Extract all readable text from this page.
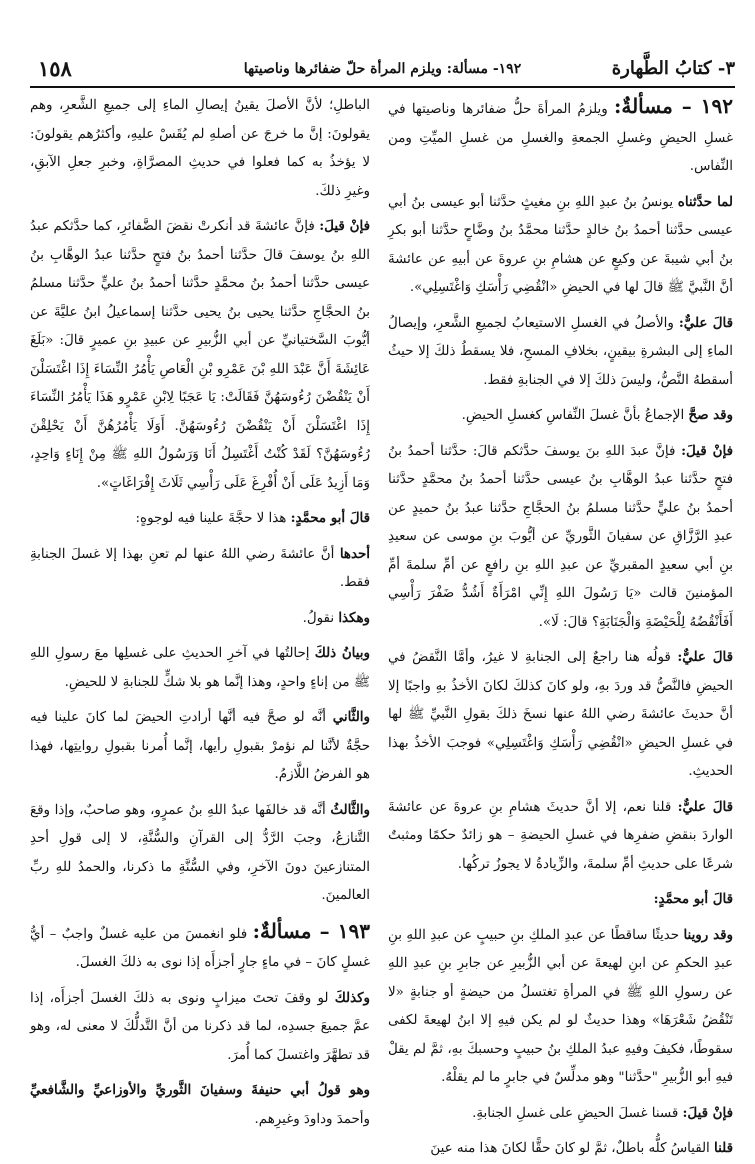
٣- كتابُ الطَّهارة
١٩٢- مسألة: ويلزم المرأة حلّ ضفائرها وناصيتها
١٥٨

١٩٢ – مسألةٌ: ويلزمُ المرأةَ حلُّ ضفائرها وناصيتها في غسلِ الحيضِ وغسلِ الجمعةِ والغسلِ من غسلِ الميِّتِ ومن النِّفاس.

لما حدَّثناه يونسُ بنُ عبدِ اللهِ بنِ مغيثٍ حدَّثنا أبو عيسى بنُ أبي عيسى حدَّثنا أحمدُ بنُ خالدٍ حدَّثنا محمَّدُ بنُ وضَّاحٍ حدَّثنا أبو بكرِ بنُ أبي شيبةَ عن وكيعٍ عن هشامِ بنِ عروةَ عن أبيهِ عن عائشةَ أنَّ النَّبيَّ ﷺ قالَ لها في الحيضِ «انْقُضِي رَأْسَكِ وَاغْتَسِلِي».

قالَ عليٌّ: والأصلُ في الغسلِ الاستيعابُ لجميعِ الشَّعرِ، وإيصالُ الماءِ إلى البشرةِ بيقينٍ، بخلافِ المسحِ، فلا يسقطُ ذلكَ إلا حيثُ أسقطهُ النَّصُّ، وليسَ ذلكَ إلا في الجنابةِ فقط.

وقد صحَّ الإجماعُ بأنَّ غسلَ النِّفاسِ كغسلِ الحيضِ.

فإنْ قيلَ: فإنَّ عبدَ اللهِ بنَ يوسفَ حدَّثكم قالَ: حدَّثنا أحمدُ بنُ فتحٍ حدَّثنا عبدُ الوهَّابِ بنُ عيسى حدَّثنا أحمدُ بنُ محمَّدٍ حدَّثنا أحمدُ بنُ عليٍّ حدَّثنا مسلمُ بنُ الحجَّاجِ حدَّثنا عبدُ بنُ حميدٍ عن عبدِ الرَّزَّاقِ عن سفيانَ الثَّوريِّ عن أيُّوبَ بنِ موسى عن سعيدِ بنِ أبي سعيدٍ المقبريِّ عن عبدِ اللهِ بنِ رافعٍ عن أمِّ سلمةَ أمِّ المؤمنينَ قالت «يَا رَسُولَ اللهِ إِنِّي امْرَأَةٌ أَشُدُّ ضَفْرَ رَأْسِي أَفَأَنْقُضُهُ لِلْحَيْضَةِ وَالْجَنَابَةِ؟ قالَ: لَا».

قالَ عليٌّ: قولُه هنا راجعٌ إلى الجنابةِ لا غيرُ، وأمَّا النَّقضُ في الحيضِ فالنَّصُّ قد وردَ بهِ، ولو كانَ كذلكَ لكانَ الأخذُ بهِ واجبًا إلا أنَّ حديثَ عائشةَ رضي اللهُ عنها نسخَ ذلكَ بقولِ النَّبيِّ ﷺ لها في غسلِ الحيضِ «انْقُضِي رَأْسَكِ وَاغْتَسِلِي» فوجبَ الأخذُ بهذا الحديثِ.

قالَ عليٌّ: قلنا نعم، إلا أنَّ حديثَ هشامِ بنِ عروةَ عن عائشةَ الواردَ بنقضِ ضفرِها في غسلِ الحيضةِ – هو زائدٌ حكمًا ومثبتٌ شرعًا على حديثِ أمِّ سلمةَ، والزِّيادةُ لا يجوزُ تركُها.

قالَ أبو محمَّدٍ:

وقد روينا حديثًا ساقطًا عن عبدِ الملكِ بنِ حبيبٍ عن عبدِ اللهِ بنِ عبدِ الحكمِ عن ابنِ لهيعةَ عن أبي الزُّبيرِ عن جابرِ بنِ عبدِ اللهِ عن رسولِ اللهِ ﷺ في المرأةِ تغتسلُ من حيضةٍ أو جنابةٍ «لا تَنْقُضُ شَعْرَهَا» وهذا حديثٌ لو لم يكن فيهِ إلا ابنُ لهيعةَ لكفى سقوطًا، فكيفَ وفيهِ عبدُ الملكِ بنُ حبيبٍ وحسبكَ بهِ، ثمَّ لم يقلْ فيهِ أبو الزُّبيرِ "حدَّثنا" وهو مدلِّسٌ في جابرٍ ما لم يقلْهُ.

فإنْ قيلَ: قسنا غسلَ الحيضِ على غسلِ الجنابةِ.

قلنا القياسُ كلُّه باطلٌ، ثمَّ لو كانَ حقًّا لكانَ هذا منه عينَ

الباطلِ؛ لأنَّ الأصلَ يقينُ إيصالِ الماءِ إلى جميعِ الشَّعرِ، وهم يقولونَ: إنَّ ما خرجَ عن أصلهِ لم يُقَسْ عليهِ، وأكثرُهم يقولونَ: لا يؤخذُ به كما فعلوا في حديثِ المصرَّاةِ، وخبرِ جعلِ الآبقِ، وغيرِ ذلكَ.

فإنْ قيلَ: فإنَّ عائشةَ قد أنكرتْ نقضَ الضَّفائرِ، كما حدَّثكم عبدُ اللهِ بنُ يوسفَ قالَ حدَّثنا أحمدُ بنُ فتحٍ حدَّثنا عبدُ الوهَّابِ بنُ عيسى حدَّثنا أحمدُ بنُ محمَّدٍ حدَّثنا أحمدُ بنُ عليٍّ حدَّثنا مسلمُ بنُ الحجَّاجِ حدَّثنا يحيى بنُ يحيى حدَّثنا إسماعيلُ ابنُ عليَّةَ عن أيُّوبَ السَّختيانيِّ عن أبي الزُّبيرِ عن عبيدِ بنِ عميرٍ قالَ: «بَلَغَ عَائِشَةَ أَنَّ عَبْدَ اللهِ بْنَ عَمْرِو بْنِ الْعَاصِ يَأْمُرُ النِّسَاءَ إِذَا اغْتَسَلْنَ أَنْ يَنْقُضْنَ رُءُوسَهُنَّ فَقَالَتْ: يَا عَجَبًا لِابْنِ عَمْرٍو هَذَا يَأْمُرُ النِّسَاءَ إِذَا اغْتَسَلْنَ أَنْ يَنْقُضْنَ رُءُوسَهُنَّ. أَوَلَا يَأْمُرُهُنَّ أَنْ يَحْلِقْنَ رُءُوسَهُنَّ؟ لَقَدْ كُنْتُ أَغْتَسِلُ أَنَا وَرَسُولُ اللهِ ﷺ مِنْ إِنَاءٍ وَاحِدٍ، وَمَا أَزِيدُ عَلَى أَنْ أُفْرِغَ عَلَى رَأْسِي ثَلَاثَ إِفْرَاغَاتٍ».

قالَ أبو محمَّدٍ: هذا لا حجَّةَ علينا فيه لوجوهٍ:

أحدها أنَّ عائشةَ رضي اللهُ عنها لم تعنِ بهذا إلا غسلَ الجنابةِ فقط.

وهكذا نقولُ.

وبيانُ ذلكَ إحالتُها في آخرِ الحديثِ على غسلِها معَ رسولِ اللهِ ﷺ من إناءٍ واحدٍ، وهذا إنَّما هو بلا شكٍّ للجنابةِ لا للحيضِ.

والثَّاني أنَّه لو صحَّ فيه أنَّها أرادتِ الحيضَ لما كانَ علينا فيه حجَّةٌ لأنَّنا لم نؤمرْ بقبولِ رأيها، إنَّما أُمرنا بقبولِ روايتِها، فهذا هو الفرضُ اللَّازمُ.

والثَّالثُ أنَّه قد خالفَها عبدُ اللهِ بنُ عمرٍو، وهو صاحبٌ، وإذا وقعَ التَّنازعُ، وجبَ الرَّدُّ إلى القرآنِ والسُّنَّةِ، لا إلى قولِ أحدِ المتنازعينَ دونَ الآخرِ، وفي السُّنَّةِ ما ذكرنا، والحمدُ للهِ ربِّ العالمينَ.

١٩٣ – مسألةٌ: فلو انغمسَ من عليه غسلٌ واجبٌ – أيُّ غسلٍ كانَ – في ماءٍ جارٍ أجزأَه إذا نوى به ذلكَ الغسلَ.

وكذلكَ لو وقفَ تحتَ ميزابٍ ونوى به ذلكَ الغسلَ أجزأَه، إذا عمَّ جميعَ جسدِه، لما قد ذكرنا من أنَّ التَّدلُّكَ لا معنى له، وهو قد تطهَّرَ واغتسلَ كما أُمرَ.

وهو قولُ أبي حنيفةَ وسفيانَ الثَّوريِّ والأوزاعيِّ والشَّافعيِّ وأحمدَ وداودَ وغيرِهم.
